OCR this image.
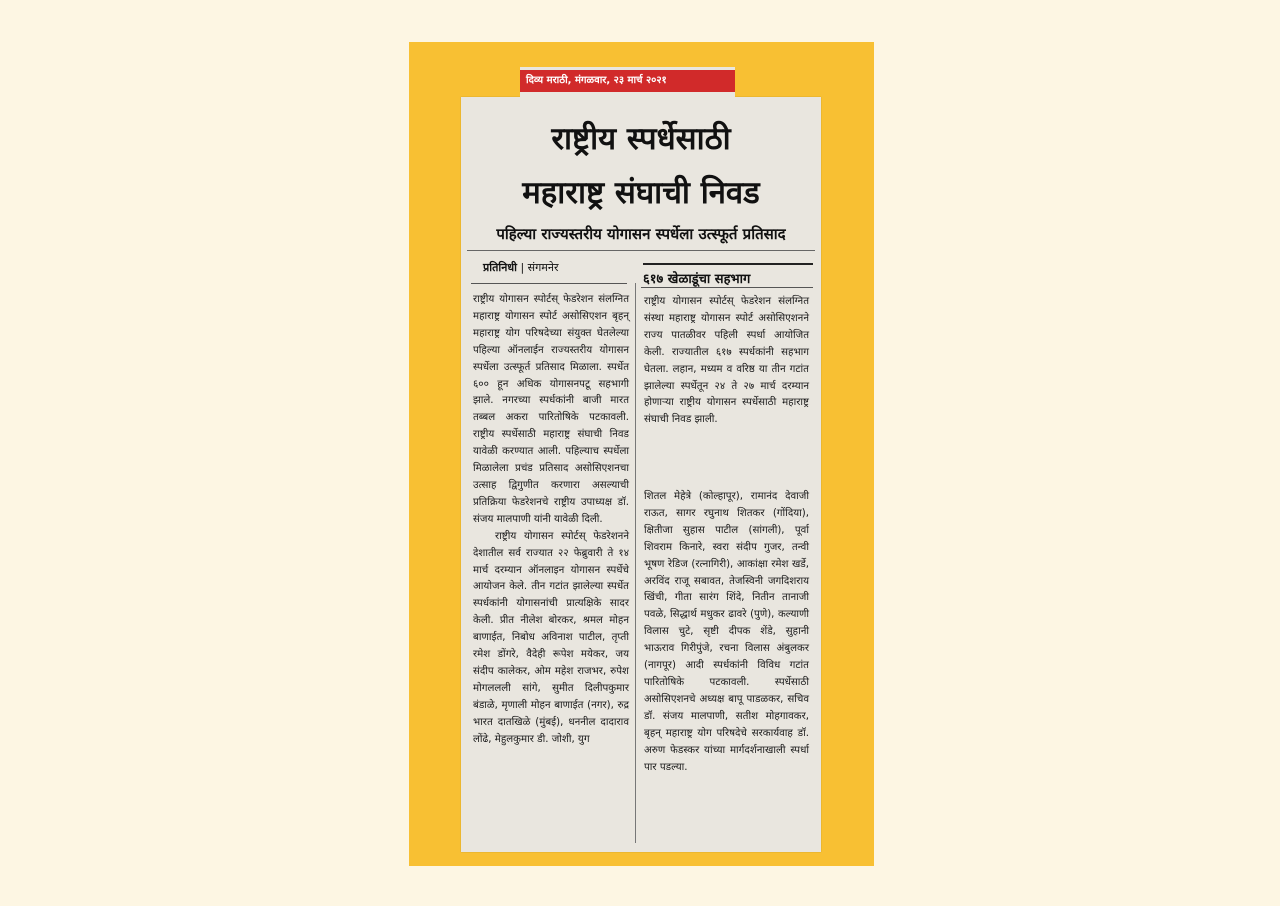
राष्ट्रीय स्पर्धेसाठी
महाराष्ट्र संघाची निवड
पहिल्या राज्यस्तरीय योगासन स्पर्धेला उत्स्फूर्त प्रतिसाद
प्रतिनिधी | संगमनेर
६१७ खेळाडूंचा सहभाग

राष्ट्रीय योगासन स्पोर्टस् फेडरेशन संलग्नित महाराष्ट्र योगासन स्पोर्ट असोसिएशन बृहन् महाराष्ट्र योग परिषदेच्या संयुक्त घेतलेल्या पहिल्या ऑनलाईन राज्यस्तरीय योगासन स्पर्धेला उत्स्फूर्त प्रतिसाद मिळाला. स्पर्धेत ६०० हून अधिक योगासनपटू सहभागी झाले. नगरच्या स्पर्धकांनी बाजी मारत तब्बल अकरा पारितोषिके पटकावली. राष्ट्रीय स्पर्धेसाठी महाराष्ट्र संघाची निवड यावेळी करण्यात आली. पहिल्याच स्पर्धेला मिळालेला प्रचंड प्रतिसाद असोसिएशनचा उत्साह द्विगुणीत करणारा असल्याची प्रतिक्रिया फेडरेशनचे राष्ट्रीय उपाध्यक्ष डॉ. संजय मालपाणी यांनी यावेळी दिली.

राष्ट्रीय योगासन स्पोर्टस् फेडरेशनने देशातील सर्व राज्यात २२ फेब्रुवारी ते १४ मार्च दरम्यान ऑनलाइन योगासन स्पर्धेचे आयोजन केले. तीन गटांत झालेल्या स्पर्धेत स्पर्धकांनी योगासनांची प्रात्यक्षिके सादर केली. प्रीत नीलेश बोरकर, श्रमल मोहन बाणाईत, निबोध अविनाश पाटील, तृप्ती रमेश डोंगरे, वैदेही रूपेश मयेकर, जय संदीप कालेकर, ओम महेश राजभर, रुपेश मोगललली सांगे, सुमीत दिलीपकुमार बंडाळे, मृणाली मोहन बाणाईत (नगर), रुद्र भारत दातखिळे (मुंबई), धननील दादाराव लोंढे, मेहुलकुमार डी. जोशी, युग

राष्ट्रीय योगासन स्पोर्टस् फेडरेशन संलग्नित संस्था महाराष्ट्र योगासन स्पोर्ट असोसिएशनने राज्य पातळीवर पहिली स्पर्धा आयोजित केली. राज्यातील ६१७ स्पर्धकांनी सहभाग घेतला. लहान, मध्यम व वरिष्ठ या तीन गटांत झालेल्या स्पर्धेतून २४ ते २७ मार्च दरम्यान होणाऱ्या राष्ट्रीय योगासन स्पर्धेसाठी महाराष्ट्र संघाची निवड झाली.

शितल मेहेत्रे (कोल्हापूर), रामानंद देवाजी राऊत, सागर रघुनाथ शितकर (गोंदिया), क्षितीजा सुहास पाटील (सांगली), पूर्वा शिवराम किनारे, स्वरा संदीप गुजर, तन्वी भूषण रेडिज (रत्नागिरी), आकांक्षा रमेश खर्डे, अरविंद राजू सबावत, तेजस्विनी जगदिशराय खिंची, गीता सारंग शिंदे, नितीन तानाजी पवळे, सिद्धार्थ मधुकर ढावरे (पुणे), कल्याणी विलास चुटे, सृष्टी दीपक शेंडे, सुहानी भाऊराव गिरीपुंजे, रचना विलास अंबुलकर (नागपूर) आदी स्पर्धकांनी विविध गटांत पारितोषिके पटकावली. स्पर्धेसाठी असोसिएशनचे अध्यक्ष बापू पाडळकर, सचिव डॉ. संजय मालपाणी, सतीश मोहगावकर, बृहन् महाराष्ट्र योग परिषदेचे सरकार्यवाह डॉ. अरुण फेडस्कर यांच्या मार्गदर्शनाखाली स्पर्धा पार पडल्या.

दिव्य मराठी, मंगळवार, २३ मार्च २०२१
